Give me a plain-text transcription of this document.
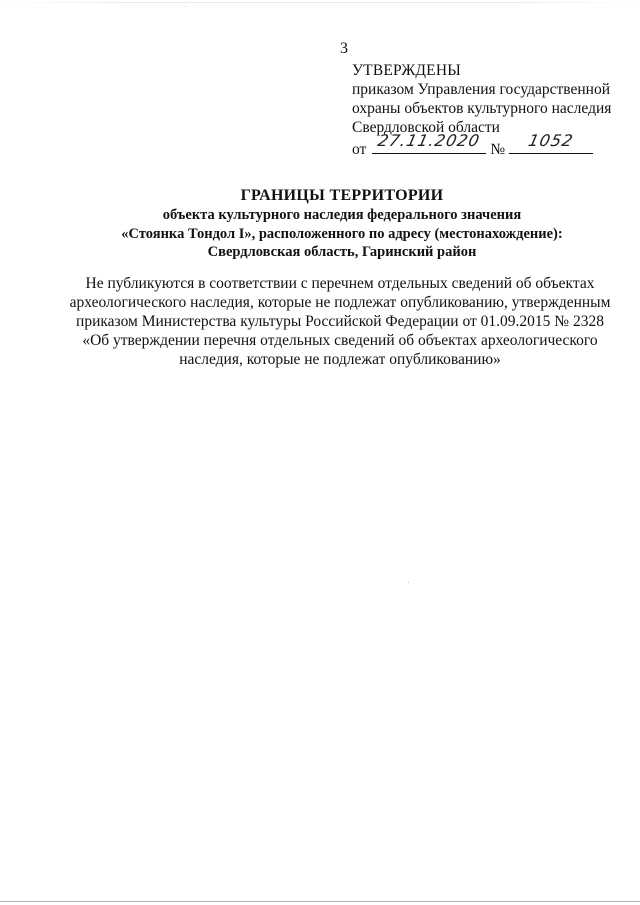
3
УТВЕРЖДЕНЫ
приказом Управления государственной
охраны объектов культурного наследия
Свердловской области
от 27.11.2020 №	1052
ГРАНИЦЫ ТЕРРИТОРИИ
объекта культурного наследия федерального значения
«Стоянка Тондол I», расположенного по адресу (местонахождение):
Свердловская область, Гаринский район
Не публикуются в соответствии с перечнем отдельных сведений об объектах
археологического наследия, которые не подлежат опубликованию, утвержденным
приказом Министерства культуры Российской Федерации от 01.09.2015 № 2328
«Об утверждении перечня отдельных сведений об объектах археологического
наследия, которые не подлежат опубликованию»
